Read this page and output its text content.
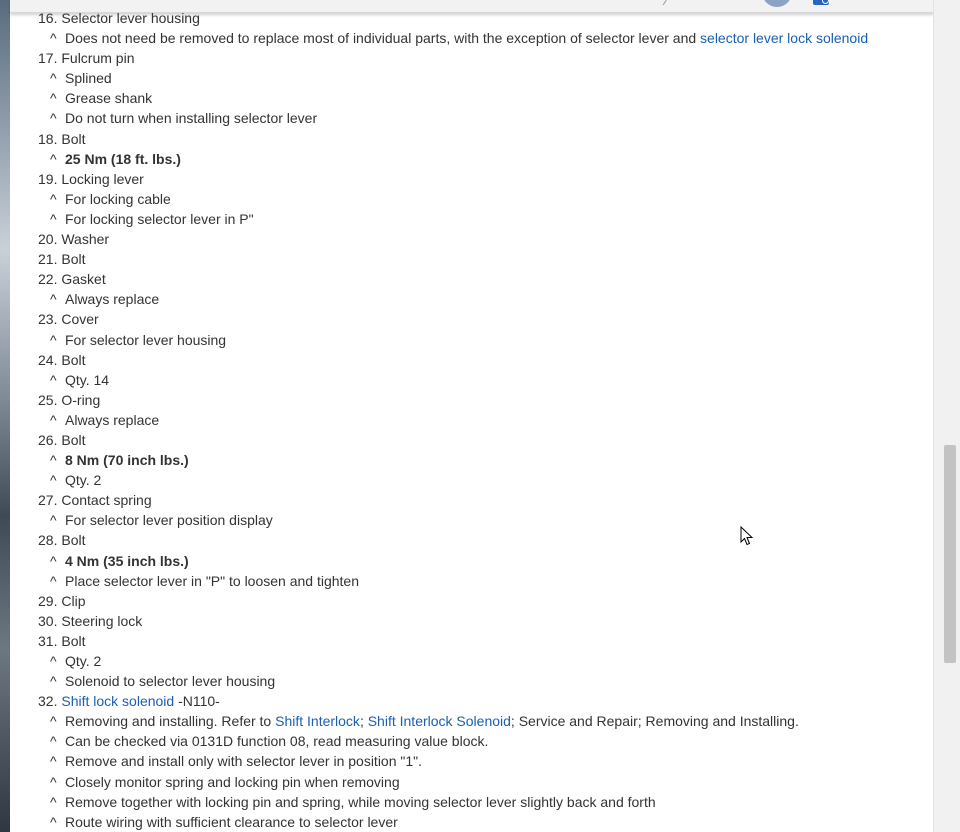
⁄
16. Selector lever housing
^ Does not need be removed to replace most of individual parts, with the exception of selector lever and selector lever lock solenoid
17. Fulcrum pin
^ Splined
^ Grease shank
^ Do not turn when installing selector lever
18. Bolt
^ 25 Nm (18 ft. lbs.)
19. Locking lever
^ For locking cable
^ For locking selector lever in P"
20. Washer
21. Bolt
22. Gasket
^ Always replace
23. Cover
^ For selector lever housing
24. Bolt
^ Qty. 14
25. O-ring
^ Always replace
26. Bolt
^ 8 Nm (70 inch lbs.)
^ Qty. 2
27. Contact spring
^ For selector lever position display
28. Bolt
^ 4 Nm (35 inch lbs.)
^ Place selector lever in "P" to loosen and tighten
29. Clip
30. Steering lock
31. Bolt
^ Qty. 2
^ Solenoid to selector lever housing
32. Shift lock solenoid -N110-
^ Removing and installing. Refer to Shift Interlock; Shift Interlock Solenoid; Service and Repair; Removing and Installing.
^ Can be checked via 0131D function 08, read measuring value block.
^ Remove and install only with selector lever in position "1".
^ Closely monitor spring and locking pin when removing
^ Remove together with locking pin and spring, while moving selector lever slightly back and forth
^ Route wiring with sufficient clearance to selector lever
